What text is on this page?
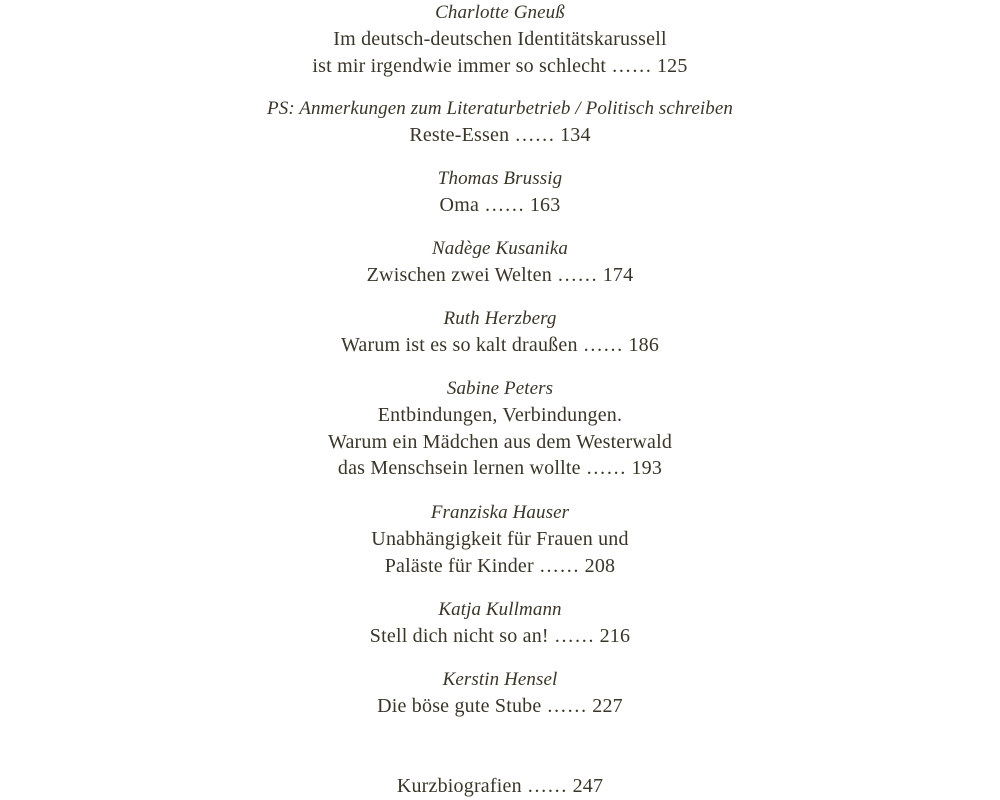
Charlotte Gneuß
Im deutsch-deutschen Identitätskarussell
ist mir irgendwie immer so schlecht …… 125
PS: Anmerkungen zum Literaturbetrieb / Politisch schreiben
Reste-Essen …… 134
Thomas Brussig
Oma …… 163
Nadège Kusanika
Zwischen zwei Welten …… 174
Ruth Herzberg
Warum ist es so kalt draußen …… 186
Sabine Peters
Entbindungen, Verbindungen.
Warum ein Mädchen aus dem Westerwald
das Menschsein lernen wollte …… 193
Franziska Hauser
Unabhängigkeit für Frauen und
Paläste für Kinder …… 208
Katja Kullmann
Stell dich nicht so an! …… 216
Kerstin Hensel
Die böse gute Stube …… 227
Kurzbiografien …… 247
